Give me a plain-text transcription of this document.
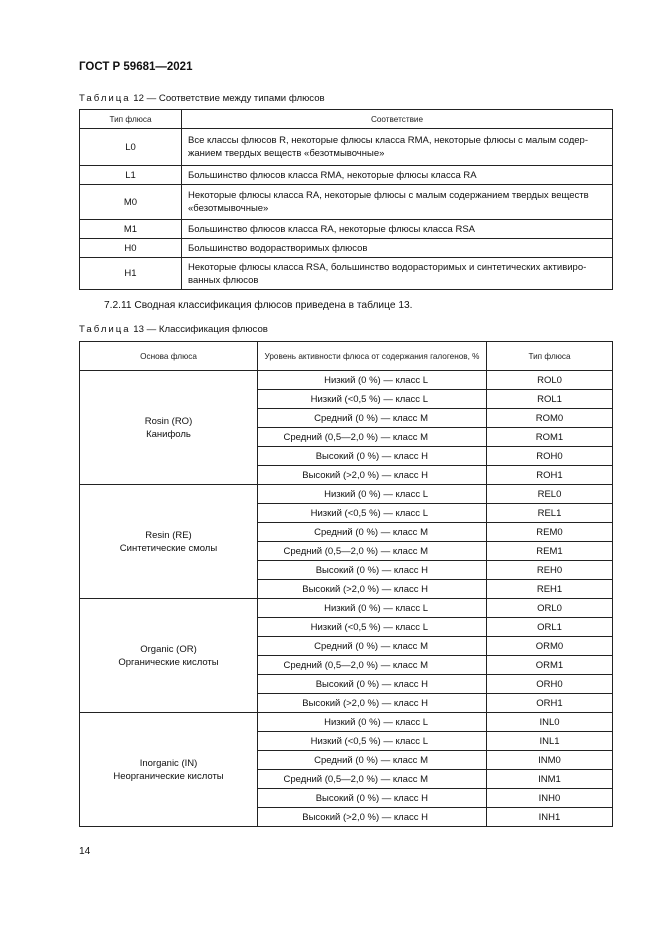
ГОСТ Р 59681—2021
Таблица 12 — Соответствие между типами флюсов
Тип флюса	Соответствие
L0	Все классы флюсов R, некоторые флюсы класса RMA, некоторые флюсы с малым содер-жанием твердых веществ «безотмывочные»
L1	Большинство флюсов класса RMA, некоторые флюсы класса RA
M0	Некоторые флюсы класса RA, некоторые флюсы с малым содержанием твердых веществ «безотмывочные»
M1	Большинство флюсов класса RA, некоторые флюсы класса RSA
H0	Большинство водорастворимых флюсов
H1	Некоторые флюсы класса RSA, большинство водорасторимых и синтетических активиро-ванных флюсов
7.2.11 Сводная классификация флюсов приведена в таблице 13.
Таблица 13 — Классификация флюсов
Основа флюса	Уровень активности флюса от содержания галогенов, %	Тип флюса

Rosin (RO)
Канифоль	Низкий (0 %) — класс L	ROL0
	Низкий (<0,5 %) — класс L	ROL1
	Средний (0 %) — класс М	ROM0
	Средний (0,5—2,0 %) — класс М	ROM1
	Высокий (0 %) — класс Н	ROH0
	Высокий (>2,0 %) — класс Н	ROH1

Resin (RE)
Синтетические смолы	Низкий (0 %) — класс L	REL0
	Низкий (<0,5 %) — класс L	REL1
	Средний (0 %) — класс М	REM0
	Средний (0,5—2,0 %) — класс М	REM1
	Высокий (0 %) — класс Н	REH0
	Высокий (>2,0 %) — класс Н	REH1

Organic (OR)
Органические кислоты	Низкий (0 %) — класс L	ORL0
	Низкий (<0,5 %) — класс L	ORL1
	Средний (0 %) — класс М	ORM0
	Средний (0,5—2,0 %) — класс М	ORM1
	Высокий (0 %) — класс Н	ORH0
	Высокий (>2,0 %) — класс Н	ORH1

Inorganic (IN)
Неорганические кислоты	Низкий (0 %) — класс L	INL0
	Низкий (<0,5 %) — класс L	INL1
	Средний (0 %) — класс М	INM0
	Средний (0,5—2,0 %) — класс М	INM1
	Высокий (0 %) — класс Н	INH0
	Высокий (>2,0 %) — класс Н	INH1
14
